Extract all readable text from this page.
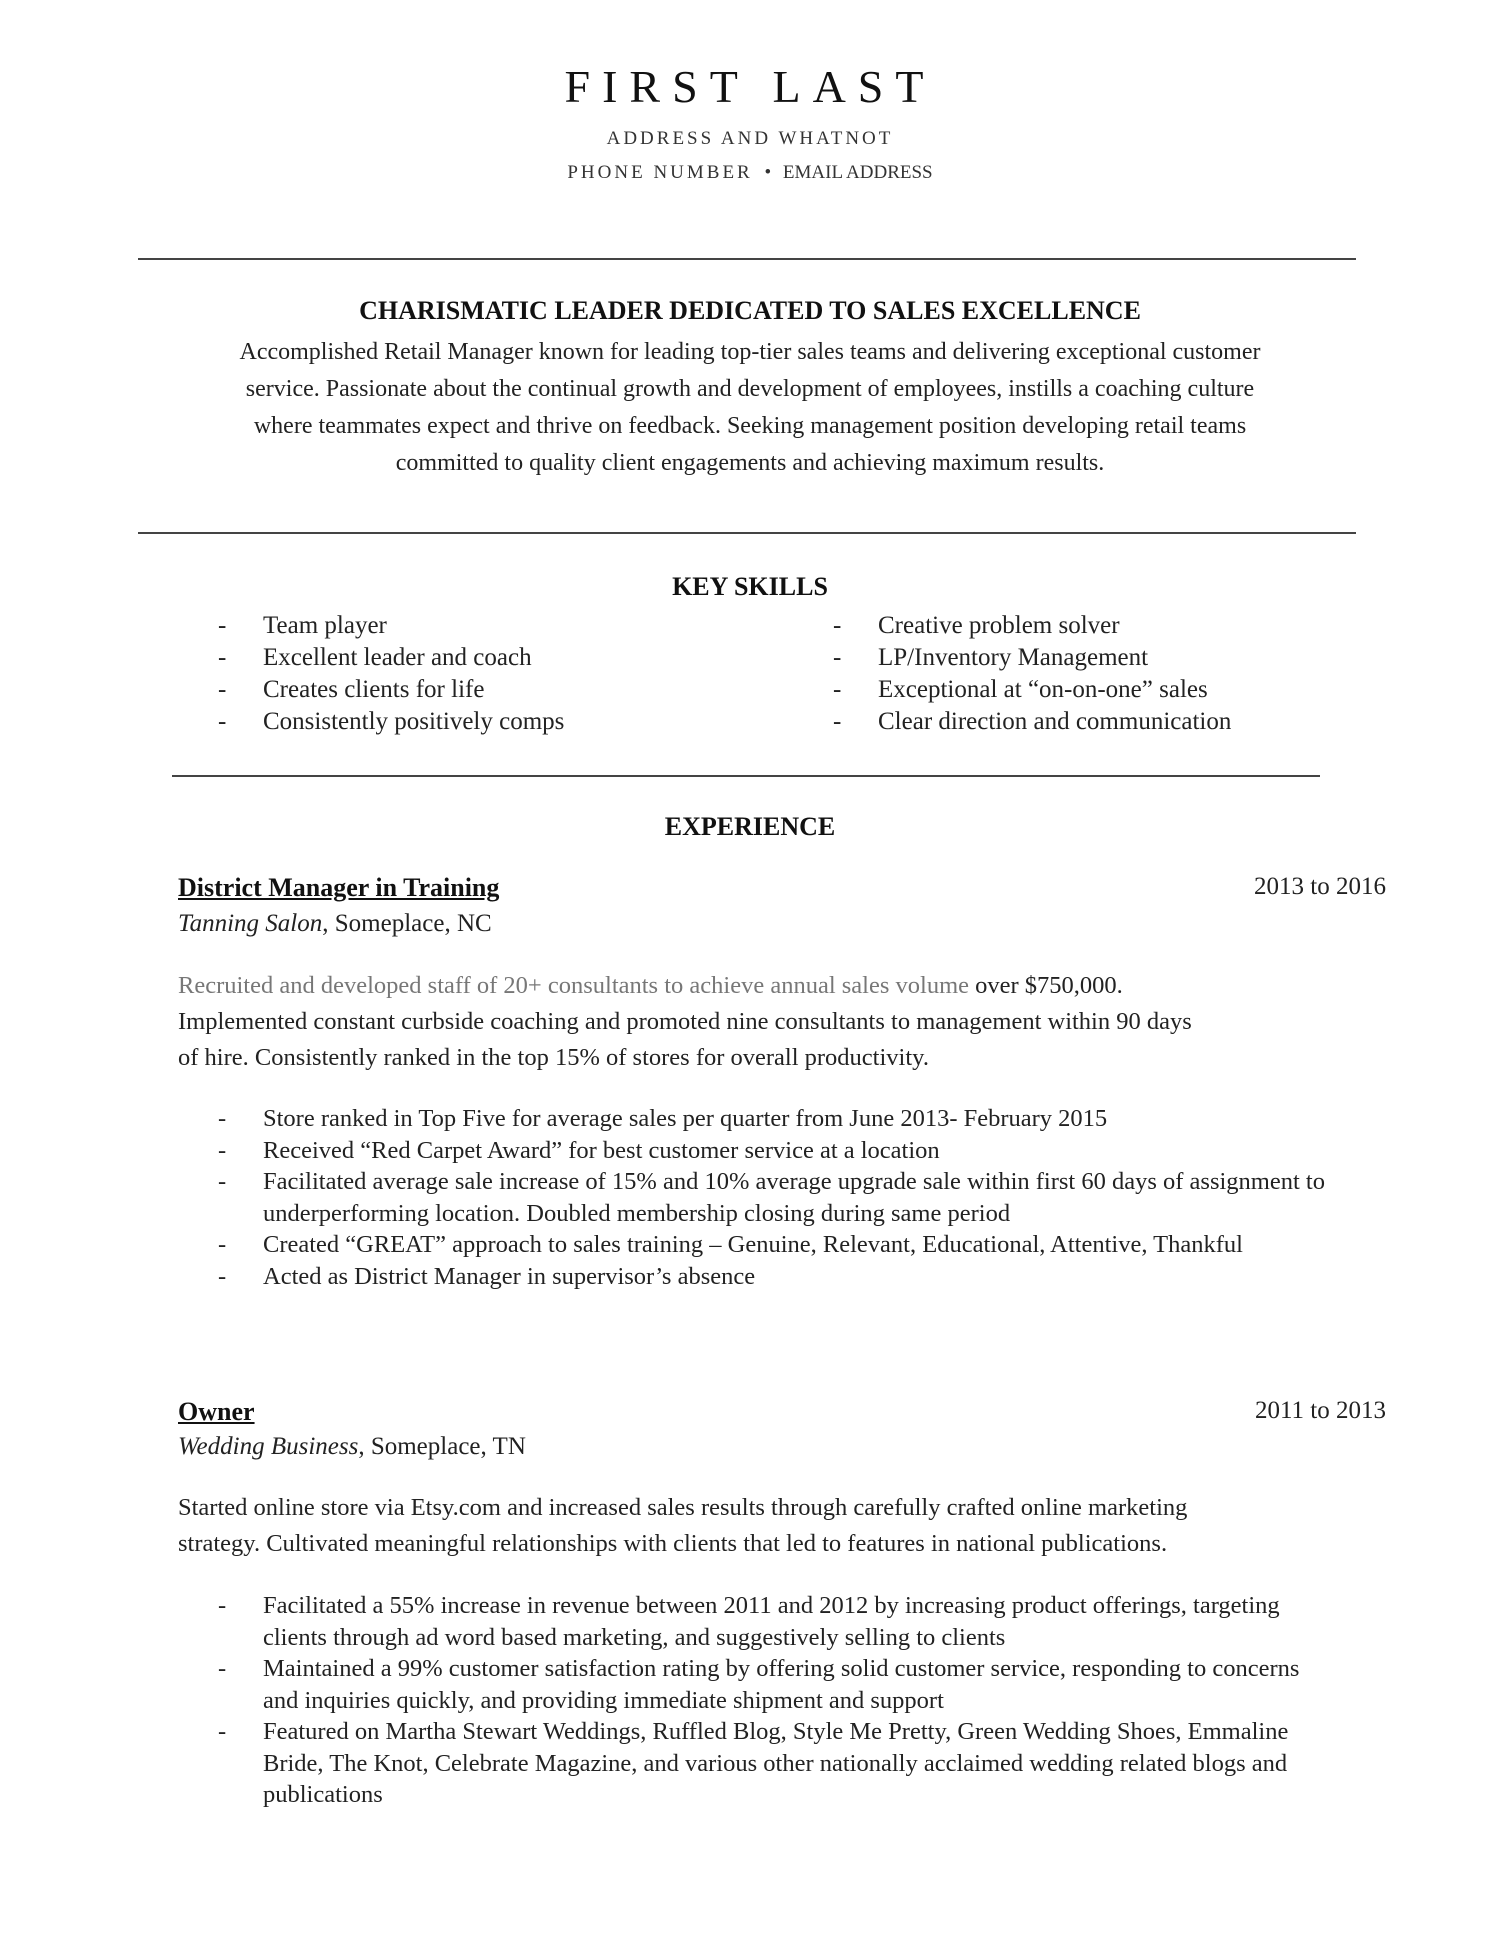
FIRST LAST
ADDRESS AND WHATNOT
PHONE NUMBER • EMAIL ADDRESS
CHARISMATIC LEADER DEDICATED TO SALES EXCELLENCE
Accomplished Retail Manager known for leading top-tier sales teams and delivering exceptional customer
service. Passionate about the continual growth and development of employees, instills a coaching culture
where teammates expect and thrive on feedback. Seeking management position developing retail teams
committed to quality client engagements and achieving maximum results.
KEY SKILLS
-	Team player
-	Excellent leader and coach
-	Creates clients for life
-	Consistently positively comps
-	Creative problem solver
-	LP/Inventory Management
-	Exceptional at “on-on-one” sales
-	Clear direction and communication
EXPERIENCE
District Manager in Training	2013 to 2016
Tanning Salon, Someplace, NC
Recruited and developed staff of 20+ consultants to achieve annual sales volume over $750,000.
Implemented constant curbside coaching and promoted nine consultants to management within 90 days
of hire. Consistently ranked in the top 15% of stores for overall productivity.
-	Store ranked in Top Five for average sales per quarter from June 2013- February 2015
-	Received “Red Carpet Award” for best customer service at a location
-	Facilitated average sale increase of 15% and 10% average upgrade sale within first 60 days of assignment to underperforming location. Doubled membership closing during same period
-	Created “GREAT” approach to sales training – Genuine, Relevant, Educational, Attentive, Thankful
-	Acted as District Manager in supervisor’s absence
Owner	2011 to 2013
Wedding Business, Someplace, TN
Started online store via Etsy.com and increased sales results through carefully crafted online marketing
strategy. Cultivated meaningful relationships with clients that led to features in national publications.
-	Facilitated a 55% increase in revenue between 2011 and 2012 by increasing product offerings, targeting clients through ad word based marketing, and suggestively selling to clients
-	Maintained a 99% customer satisfaction rating by offering solid customer service, responding to concerns and inquiries quickly, and providing immediate shipment and support
-	Featured on Martha Stewart Weddings, Ruffled Blog, Style Me Pretty, Green Wedding Shoes, Emmaline Bride, The Knot, Celebrate Magazine, and various other nationally acclaimed wedding related blogs and publications
